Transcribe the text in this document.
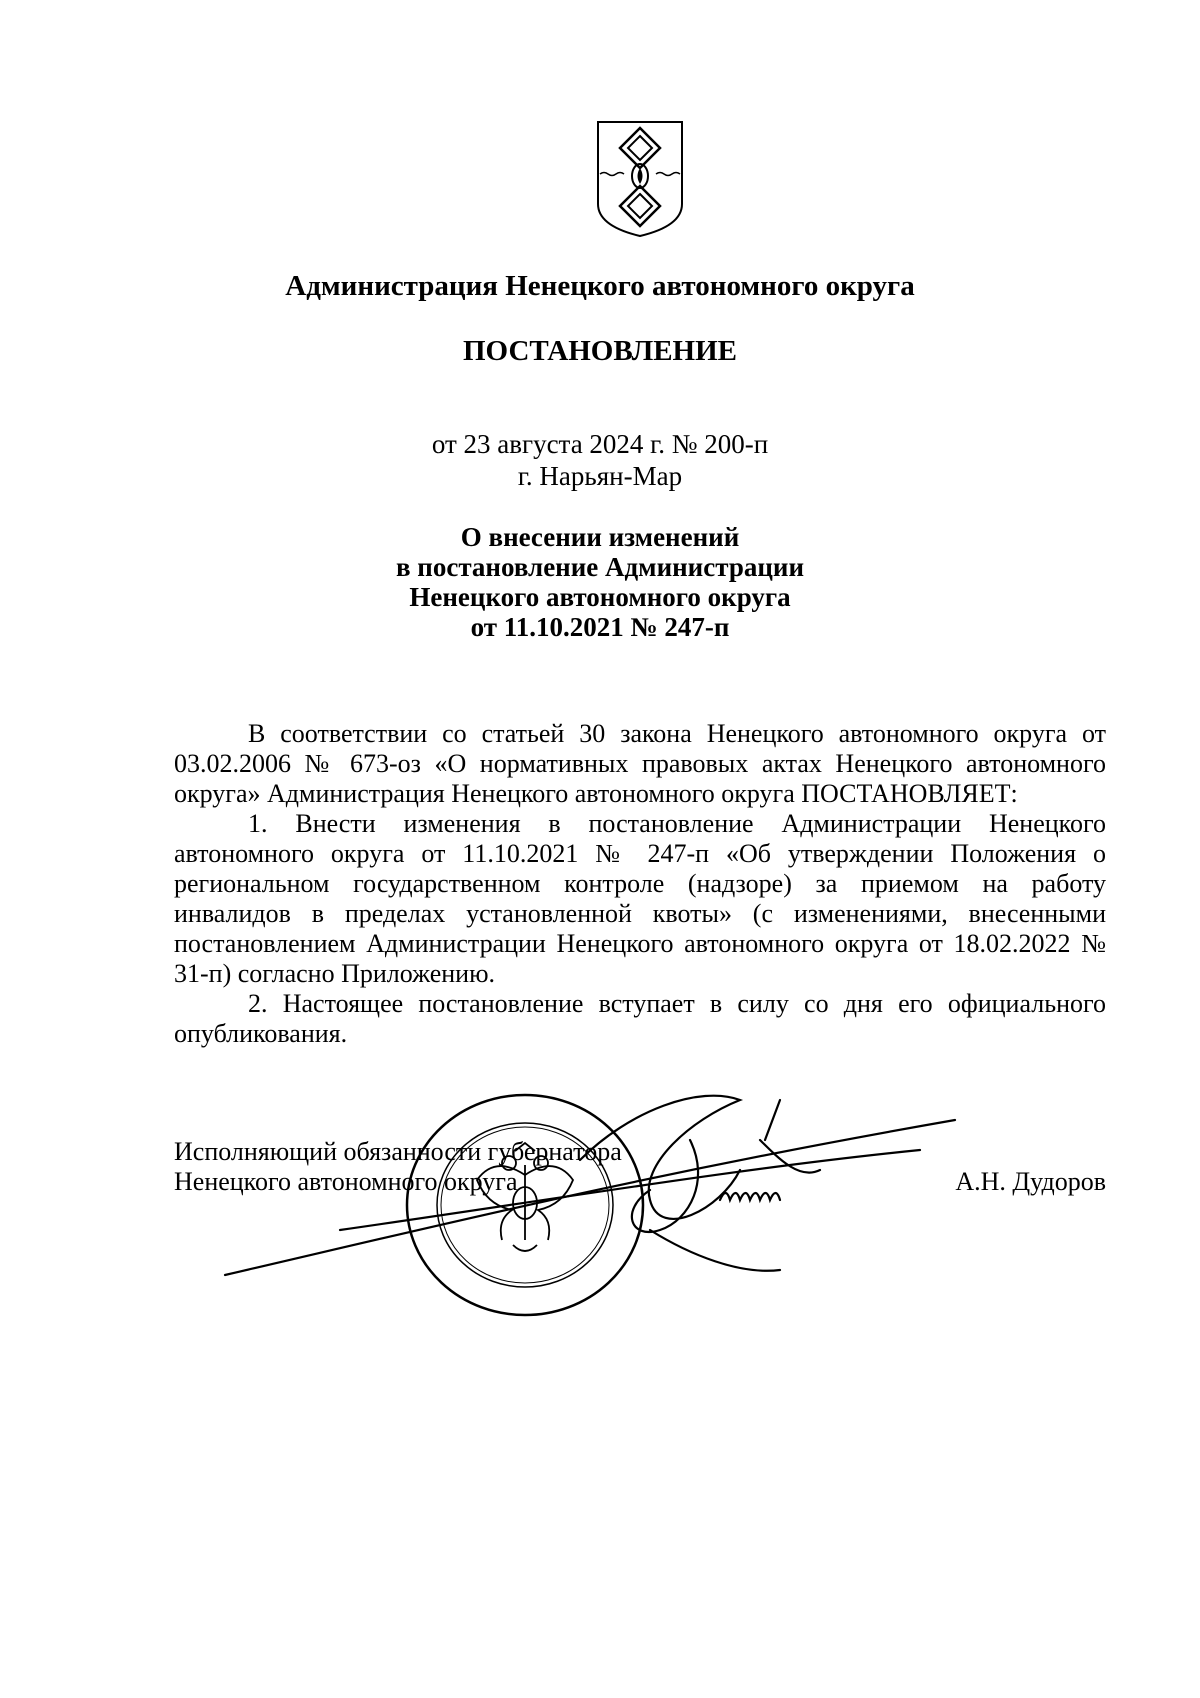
Администрация Ненецкого автономного округа
ПОСТАНОВЛЕНИЕ
от 23 августа 2024 г. № 200-п
г. Нарьян-Мар
О внесении изменений
в постановление Администрации
Ненецкого автономного округа
от 11.10.2021 № 247-п

В соответствии со статьей 30 закона Ненецкого автономного округа от 03.02.2006 № 673-оз «О нормативных правовых актах Ненецкого автономного округа» Администрация Ненецкого автономного округа ПОСТАНОВЛЯЕТ:

1. Внести изменения в постановление Администрации Ненецкого автономного округа от 11.10.2021 № 247-п «Об утверждении Положения о региональном государственном контроле (надзоре) за приемом на работу инвалидов в пределах установленной квоты» (с изменениями, внесенными постановлением Администрации Ненецкого автономного округа от 18.02.2022 № 31-п) согласно Приложению.

2. Настоящее постановление вступает в силу со дня его официального опубликования.

Исполняющий обязанности губернатора
Ненецкого автономного округа	А.Н. Дудоров
